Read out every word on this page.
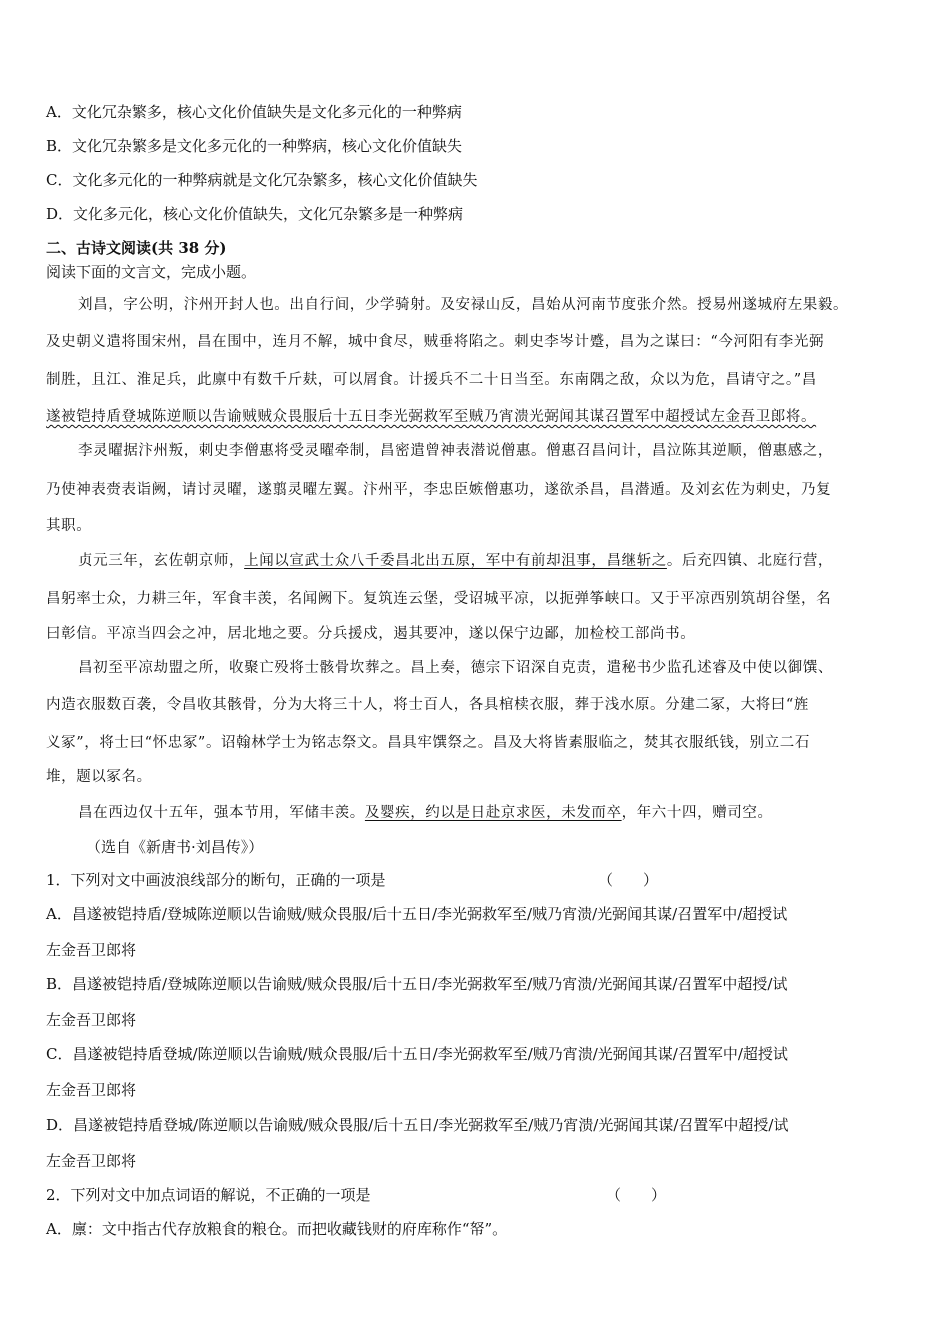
A．文化冗杂繁多，核心文化价值缺失是文化多元化的一种弊病
B．文化冗杂繁多是文化多元化的一种弊病，核心文化价值缺失
C．文化多元化的一种弊病就是文化冗杂繁多，核心文化价值缺失
D．文化多元化，核心文化价值缺失，文化冗杂繁多是一种弊病
二、古诗文阅读(共 38 分)
阅读下面的文言文，完成小题。
刘昌，字公明，汴州开封人也。出自行间，少学骑射。及安禄山反，昌始从河南节度张介然。授易州遂城府左果毅。
及史朝义遣将围宋州，昌在围中，连月不解，城中食尽，贼垂将陷之。刺史李岑计蹙，昌为之谋曰：“今河阳有李光弼
制胜，且江、淮足兵，此廪中有数千斤麸，可以屑食。计援兵不二十日当至。东南隅之敌，众以为危，昌请守之。”昌
遂被铠持盾登城陈逆顺以告谕贼贼众畏服后十五日李光弼救军至贼乃宵溃光弼闻其谋召置军中超授试左金吾卫郎将。
李灵曜据汴州叛，刺史李僧惠将受灵曜牵制，昌密遣曾神表潜说僧惠。僧惠召昌问计，昌泣陈其逆顺，僧惠感之，
乃使神表赍表诣阙，请讨灵曜，遂翦灵曜左翼。汴州平，李忠臣嫉僧惠功，遂欲杀昌，昌潜遁。及刘玄佐为刺史，乃复
其职。
贞元三年，玄佐朝京师，上闻以宣武士众八千委昌北出五原，军中有前却沮事，昌继斩之。后充四镇、北庭行营，
昌躬率士众，力耕三年，军食丰羡，名闻阙下。复筑连云堡，受诏城平凉，以扼弹筝峡口。又于平凉西别筑胡谷堡，名
曰彰信。平凉当四会之冲，居北地之要。分兵援戍，遏其要冲，遂以保宁边鄙，加检校工部尚书。
昌初至平凉劫盟之所，收聚亡殁将士骸骨坎葬之。昌上奏，德宗下诏深自克责，遣秘书少监孔述睿及中使以御馔、
内造衣服数百袭，令昌收其骸骨，分为大将三十人，将士百人，各具棺椟衣服，葬于浅水原。分建二冢，大将曰“旌
义冢”，将士曰“怀忠冢”。诏翰林学士为铭志祭文。昌具牢馔祭之。昌及大将皆素服临之，焚其衣服纸钱，别立二石
堆，题以冢名。
昌在西边仅十五年，强本节用，军储丰羡。及婴疾，约以是日赴京求医，未发而卒，年六十四，赠司空。
（选自《新唐书·刘昌传》）
1．下列对文中画波浪线部分的断句，正确的一项是	（　　）
A．昌遂被铠持盾/登城陈逆顺以告谕贼/贼众畏服/后十五日/李光弼救军至/贼乃宵溃/光弼闻其谋/召置军中/超授试
左金吾卫郎将
B．昌遂被铠持盾/登城陈逆顺以告谕贼/贼众畏服/后十五日/李光弼救军至/贼乃宵溃/光弼闻其谋/召置军中超授/试
左金吾卫郎将
C．昌遂被铠持盾登城/陈逆顺以告谕贼/贼众畏服/后十五日/李光弼救军至/贼乃宵溃/光弼闻其谋/召置军中/超授试
左金吾卫郎将
D．昌遂被铠持盾登城/陈逆顺以告谕贼/贼众畏服/后十五日/李光弼救军至/贼乃宵溃/光弼闻其谋/召置军中超授/试
左金吾卫郎将
2．下列对文中加点词语的解说，不正确的一项是	（　　）
A．廪：文中指古代存放粮食的粮仓。而把收藏钱财的府库称作“帑”。
